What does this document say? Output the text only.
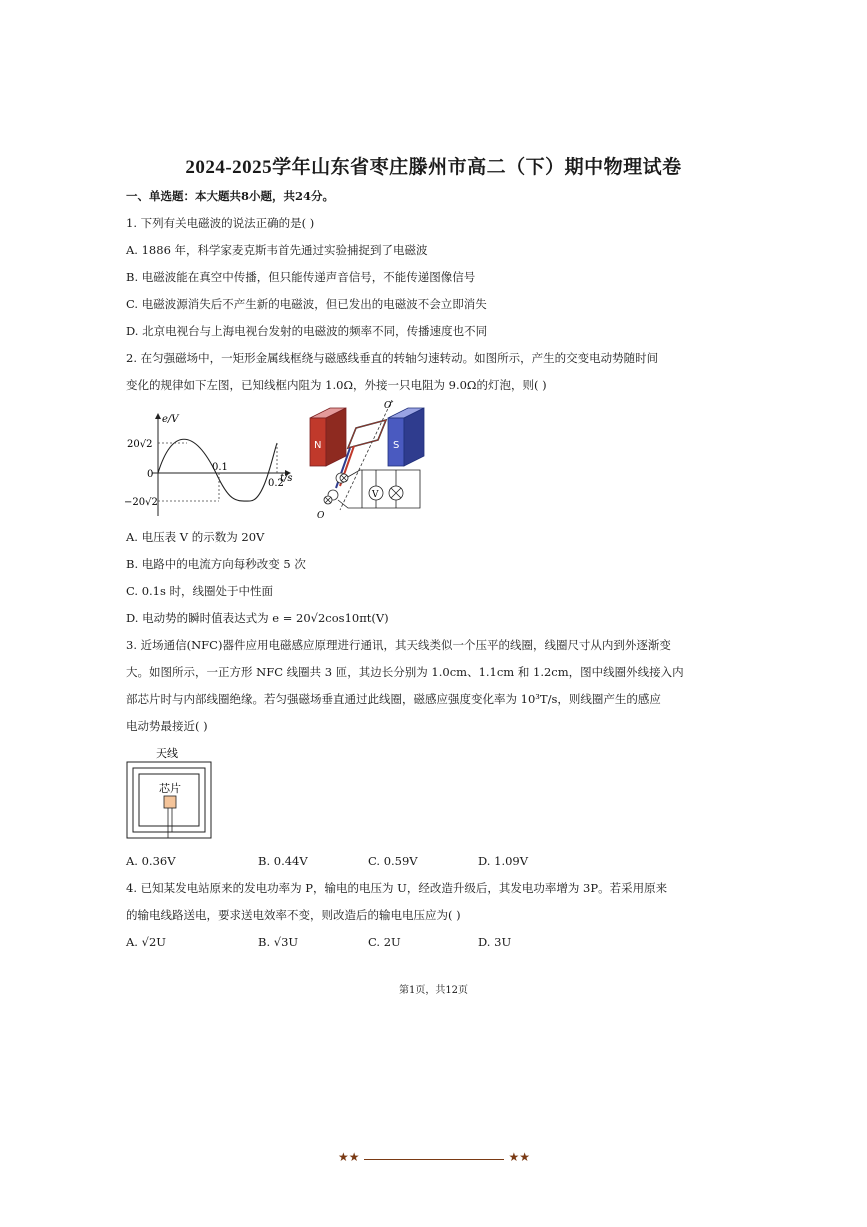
2024-2025学年山东省枣庄滕州市高二（下）期中物理试卷
一、单选题：本大题共8小题，共24分。
1. 下列有关电磁波的说法正确的是( )
A. 1886 年，科学家麦克斯韦首先通过实验捕捉到了电磁波
B. 电磁波能在真空中传播，但只能传递声音信号，不能传递图像信号
C. 电磁波源消失后不产生新的电磁波，但已发出的电磁波不会立即消失
D. 北京电视台与上海电视台发射的电磁波的频率不同，传播速度也不同
2. 在匀强磁场中，一矩形金属线框绕与磁感线垂直的转轴匀速转动。如图所示，产生的交变电动势随时间
变化的规律如下左图，已知线框内阻为 1.0Ω，外接一只电阻为 9.0Ω的灯泡，则( )
e/V
20√2
0
−20√2
0.1
0.2
t/s
N	S
O′
O
V
A. 电压表 V 的示数为 20V
B. 电路中的电流方向每秒改变 5 次
C. 0.1s 时，线圈处于中性面
D. 电动势的瞬时值表达式为 e = 20√2cos10πt(V)
3. 近场通信(NFC)器件应用电磁感应原理进行通讯，其天线类似一个压平的线圈，线圈尺寸从内到外逐渐变
大。如图所示，一正方形 NFC 线圈共 3 匝，其边长分别为 1.0cm、1.1cm 和 1.2cm，图中线圈外线接入内
部芯片时与内部线圈绝缘。若匀强磁场垂直通过此线圈，磁感应强度变化率为 10³T/s，则线圈产生的感应
电动势最接近( )
天线
芯片
A. 0.36V	B. 0.44V	C. 0.59V	D. 1.09V
4. 已知某发电站原来的发电功率为 P，输电的电压为 U，经改造升级后，其发电功率增为 3P。若采用原来
的输电线路送电，要求送电效率不变，则改造后的输电电压应为( )
A. √2U	B. √3U	C. 2U	D. 3U
第1页，共12页
★★	★★
